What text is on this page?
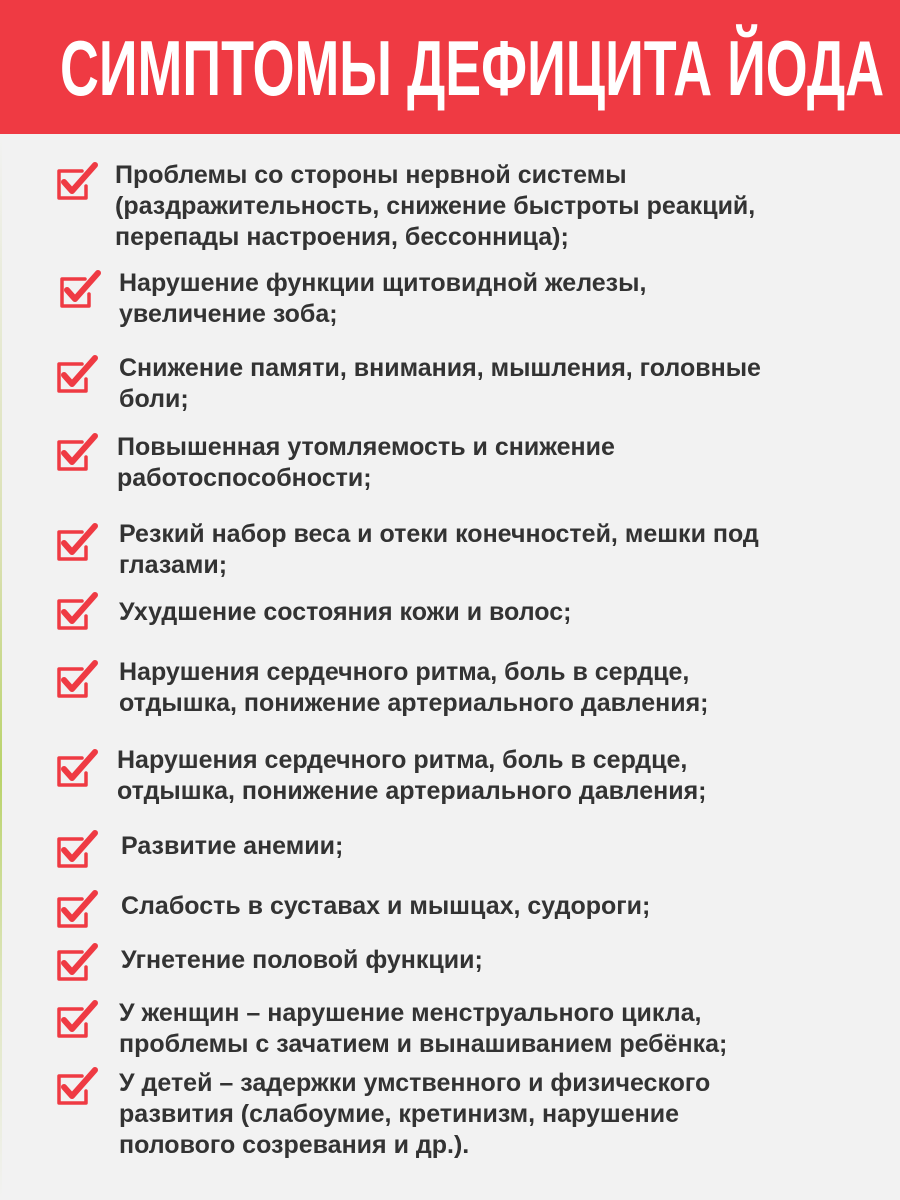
СИМПТОМЫ ДЕФИЦИТА ЙОДА
Проблемы со стороны нервной системы
(раздражительность, снижение быстроты реакций,
перепады настроения, бессонница);
Нарушение функции щитовидной железы,
увеличение зоба;
Снижение памяти, внимания, мышления, головные
боли;
Повышенная утомляемость и снижение
работоспособности;
Резкий набор веса и отеки конечностей, мешки под
глазами;
Ухудшение состояния кожи и волос;
Нарушения сердечного ритма, боль в сердце,
отдышка, понижение артериального давления;
Нарушения сердечного ритма, боль в сердце,
отдышка, понижение артериального давления;
Развитие анемии;
Слабость в суставах и мышцах, судороги;
Угнетение половой функции;
У женщин – нарушение менструального цикла,
проблемы с зачатием и вынашиванием ребёнка;
У детей – задержки умственного и физического
развития (слабоумие, кретинизм, нарушение
полового созревания и др.).
